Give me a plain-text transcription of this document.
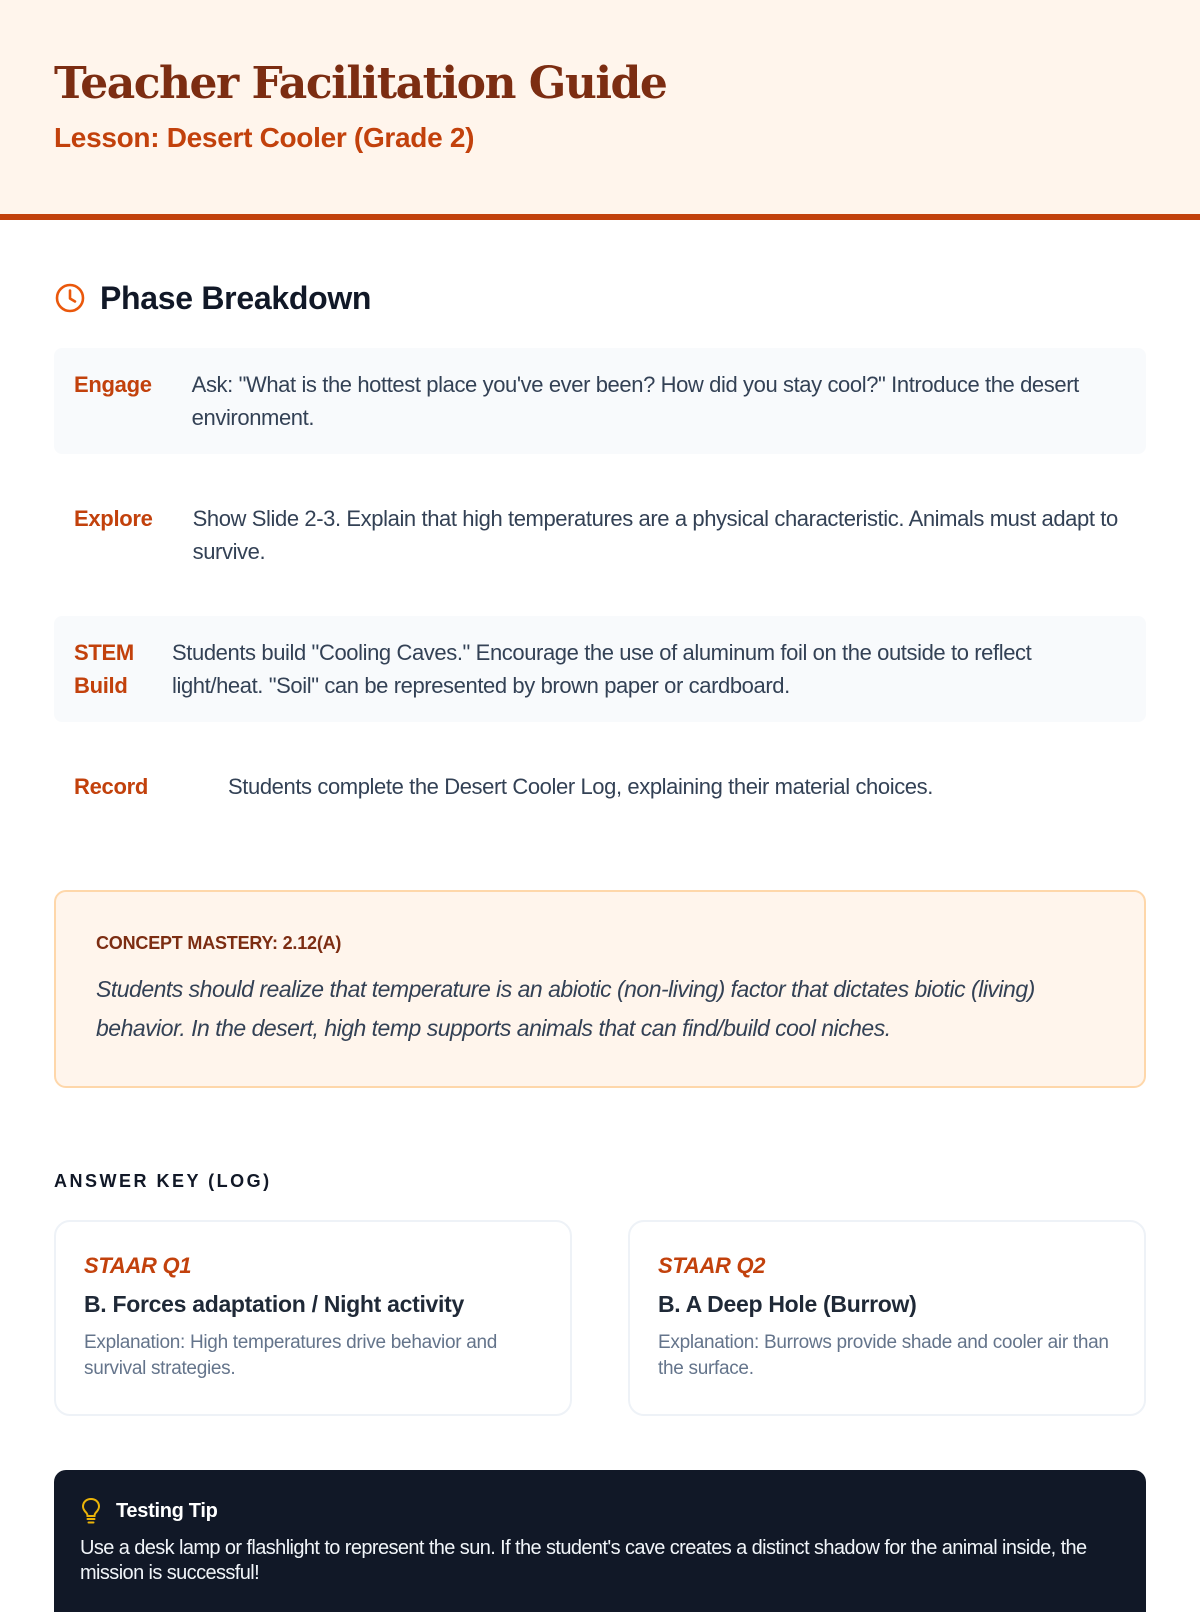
Teacher Facilitation Guide
Lesson: Desert Cooler (Grade 2)
Phase Breakdown
Engage Ask: "What is the hottest place you've ever been? How did you stay cool?" Introduce the desert environment.
Explore Show Slide 2-3. Explain that high temperatures are a physical characteristic. Animals must adapt to survive.
STEM
Build
Students build "Cooling Caves." Encourage the use of aluminum foil on the outside to reflect light/heat. "Soil" can be represented by brown paper or cardboard.
Record	Students complete the Desert Cooler Log, explaining their material choices.
CONCEPT MASTERY: 2.12(A)
Students should realize that temperature is an abiotic (non-living) factor that dictates biotic (living) behavior. In the desert, high temp supports animals that can find/build cool niches.
ANSWER KEY (LOG)
STAAR Q1
B. Forces adaptation / Night activity
Explanation: High temperatures drive behavior and survival strategies.
STAAR Q2
B. A Deep Hole (Burrow)
Explanation: Burrows provide shade and cooler air than the surface.
Testing Tip
Use a desk lamp or flashlight to represent the sun. If the student's cave creates a distinct shadow for the animal inside, the mission is successful!
